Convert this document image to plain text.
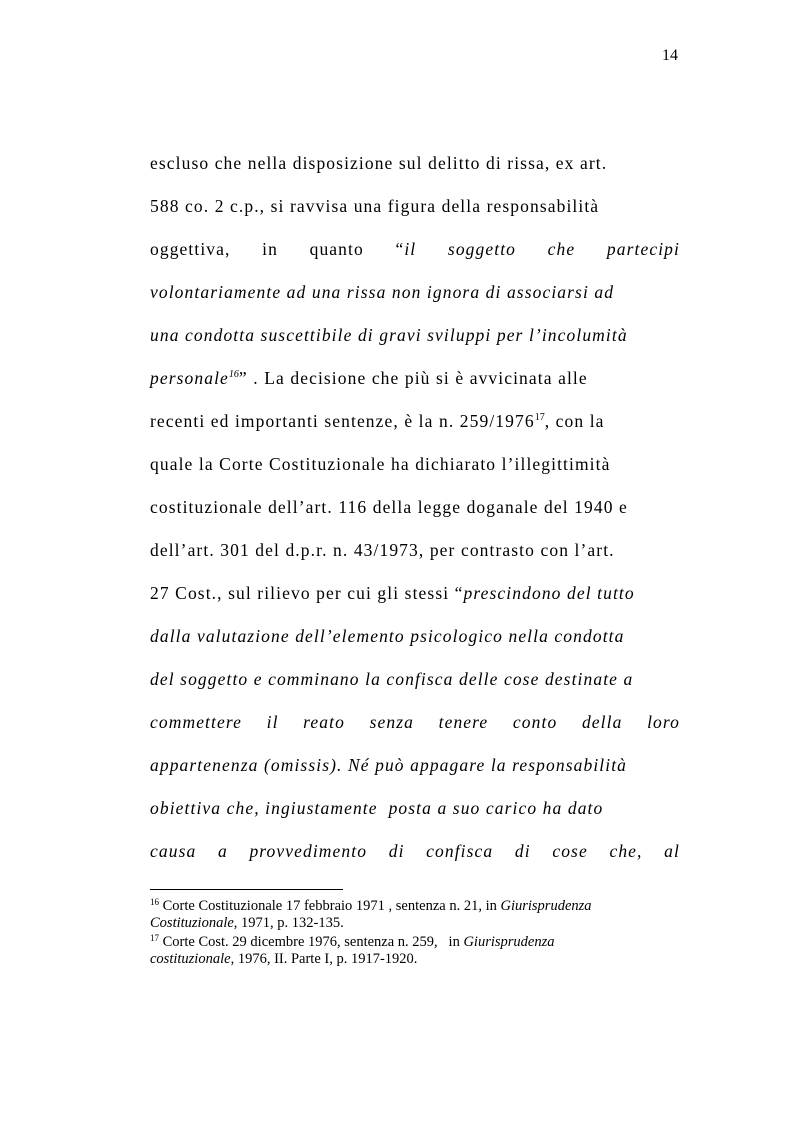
14
escluso che nella disposizione sul delitto di rissa, ex art.
588 co. 2 c.p., si ravvisa una figura della responsabilità
oggettiva, in quanto “il soggetto che partecipi
volontariamente ad una rissa non ignora di associarsi ad
una condotta suscettibile di gravi sviluppi per l’incolumità
personale$^{16}$” . La decisione che più si è avvicinata alle
recenti ed importanti sentenze, è la n. 259/1976$^{17}$, con la
quale la Corte Costituzionale ha dichiarato l’illegittimità
costituzionale dell’art. 116 della legge doganale del 1940 e
dell’art. 301 del d.p.r. n. 43/1973, per contrasto con l’art.
27 Cost., sul rilievo per cui gli stessi “prescindono del tutto
dalla valutazione dell’elemento psicologico nella condotta
del soggetto e comminano la confisca delle cose destinate a
commettere il reato senza tenere conto della loro
appartenenza (omissis). Né può appagare la responsabilità
obiettiva che, ingiustamente  posta a suo carico ha dato
causa a provvedimento di confisca di cose che, al
$^{16}$ Corte Costituzionale 17 febbraio 1971 , sentenza n. 21, in Giurisprudenza
Costituzionale, 1971, p. 132-135.
$^{17}$ Corte Cost. 29 dicembre 1976, sentenza n. 259,   in Giurisprudenza
costituzionale, 1976, II. Parte I, p. 1917-1920.
